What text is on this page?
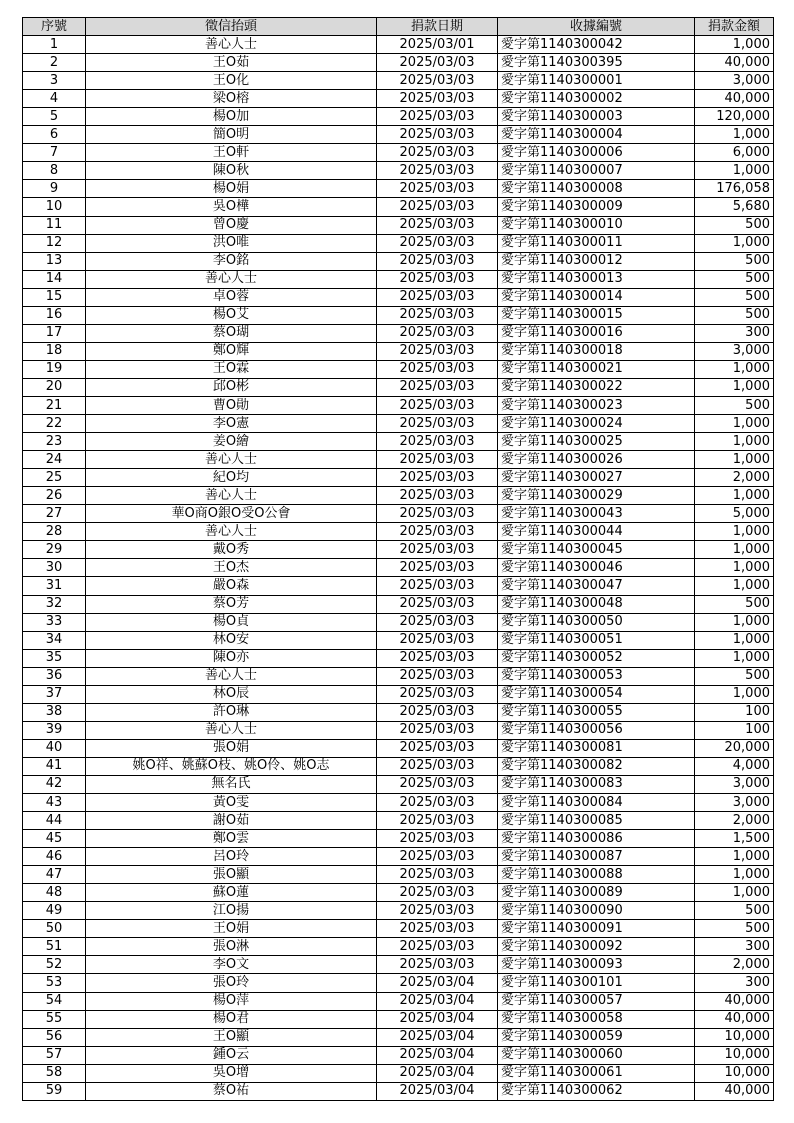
序號	徵信抬頭	捐款日期	收據編號	捐款金額
1	善心人士	2025/03/01	愛字第1140300042	1,000
2	王O茹	2025/03/03	愛字第1140300395	40,000
3	王O化	2025/03/03	愛字第1140300001	3,000
4	梁O榕	2025/03/03	愛字第1140300002	40,000
5	楊O加	2025/03/03	愛字第1140300003	120,000
6	簡O明	2025/03/03	愛字第1140300004	1,000
7	王O軒	2025/03/03	愛字第1140300006	6,000
8	陳O秋	2025/03/03	愛字第1140300007	1,000
9	楊O娟	2025/03/03	愛字第1140300008	176,058
10	吳O樺	2025/03/03	愛字第1140300009	5,680
11	曾O慶	2025/03/03	愛字第1140300010	500
12	洪O唯	2025/03/03	愛字第1140300011	1,000
13	李O銘	2025/03/03	愛字第1140300012	500
14	善心人士	2025/03/03	愛字第1140300013	500
15	卓O蓉	2025/03/03	愛字第1140300014	500
16	楊O艾	2025/03/03	愛字第1140300015	500
17	蔡O瑚	2025/03/03	愛字第1140300016	300
18	鄭O輝	2025/03/03	愛字第1140300018	3,000
19	王O霖	2025/03/03	愛字第1140300021	1,000
20	邱O彬	2025/03/03	愛字第1140300022	1,000
21	曹O勛	2025/03/03	愛字第1140300023	500
22	李O憲	2025/03/03	愛字第1140300024	1,000
23	姜O繪	2025/03/03	愛字第1140300025	1,000
24	善心人士	2025/03/03	愛字第1140300026	1,000
25	紀O均	2025/03/03	愛字第1140300027	2,000
26	善心人士	2025/03/03	愛字第1140300029	1,000
27	華O商O銀O受O公會	2025/03/03	愛字第1140300043	5,000
28	善心人士	2025/03/03	愛字第1140300044	1,000
29	戴O秀	2025/03/03	愛字第1140300045	1,000
30	王O杰	2025/03/03	愛字第1140300046	1,000
31	嚴O森	2025/03/03	愛字第1140300047	1,000
32	蔡O芳	2025/03/03	愛字第1140300048	500
33	楊O貞	2025/03/03	愛字第1140300050	1,000
34	林O安	2025/03/03	愛字第1140300051	1,000
35	陳O亦	2025/03/03	愛字第1140300052	1,000
36	善心人士	2025/03/03	愛字第1140300053	500
37	林O辰	2025/03/03	愛字第1140300054	1,000
38	許O琳	2025/03/03	愛字第1140300055	100
39	善心人士	2025/03/03	愛字第1140300056	100
40	張O娟	2025/03/03	愛字第1140300081	20,000
41	姚O祥、姚蘇O枝、姚O伶、姚O志	2025/03/03	愛字第1140300082	4,000
42	無名氏	2025/03/03	愛字第1140300083	3,000
43	黃O雯	2025/03/03	愛字第1140300084	3,000
44	謝O茹	2025/03/03	愛字第1140300085	2,000
45	鄭O雲	2025/03/03	愛字第1140300086	1,500
46	呂O玲	2025/03/03	愛字第1140300087	1,000
47	張O顯	2025/03/03	愛字第1140300088	1,000
48	蘇O蓮	2025/03/03	愛字第1140300089	1,000
49	江O揚	2025/03/03	愛字第1140300090	500
50	王O娟	2025/03/03	愛字第1140300091	500
51	張O淋	2025/03/03	愛字第1140300092	300
52	李O文	2025/03/03	愛字第1140300093	2,000
53	張O玲	2025/03/04	愛字第1140300101	300
54	楊O萍	2025/03/04	愛字第1140300057	40,000
55	楊O君	2025/03/04	愛字第1140300058	40,000
56	王O顯	2025/03/04	愛字第1140300059	10,000
57	鍾O云	2025/03/04	愛字第1140300060	10,000
58	吳O增	2025/03/04	愛字第1140300061	10,000
59	蔡O祐	2025/03/04	愛字第1140300062	40,000
